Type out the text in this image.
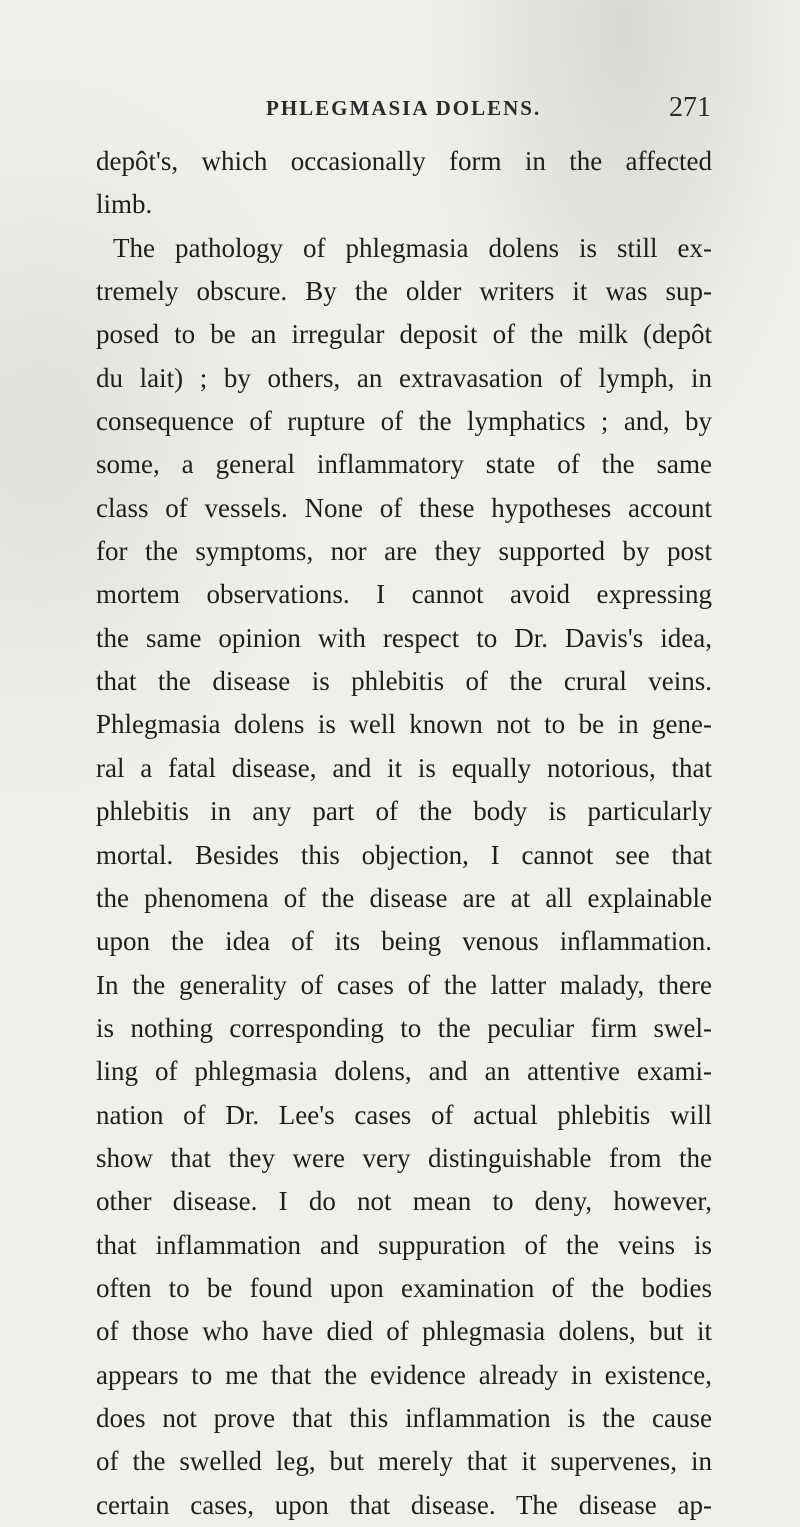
PHLEGMASIA DOLENS.	271
depôt's, which occasionally form in the affected
limb.
The pathology of phlegmasia dolens is still ex-
tremely obscure. By the older writers it was sup-
posed to be an irregular deposit of the milk (depôt
du lait) ; by others, an extravasation of lymph, in
consequence of rupture of the lymphatics ; and, by
some, a general inflammatory state of the same
class of vessels. None of these hypotheses account
for the symptoms, nor are they supported by post
mortem observations. I cannot avoid expressing
the same opinion with respect to Dr. Davis's idea,
that the disease is phlebitis of the crural veins.
Phlegmasia dolens is well known not to be in gene-
ral a fatal disease, and it is equally notorious, that
phlebitis in any part of the body is particularly
mortal. Besides this objection, I cannot see that
the phenomena of the disease are at all explainable
upon the idea of its being venous inflammation.
In the generality of cases of the latter malady, there
is nothing corresponding to the peculiar firm swel-
ling of phlegmasia dolens, and an attentive exami-
nation of Dr. Lee's cases of actual phlebitis will
show that they were very distinguishable from the
other disease. I do not mean to deny, however,
that inflammation and suppuration of the veins is
often to be found upon examination of the bodies
of those who have died of phlegmasia dolens, but it
appears to me that the evidence already in existence,
does not prove that this inflammation is the cause
of the swelled leg, but merely that it supervenes, in
certain cases, upon that disease. The disease ap-
